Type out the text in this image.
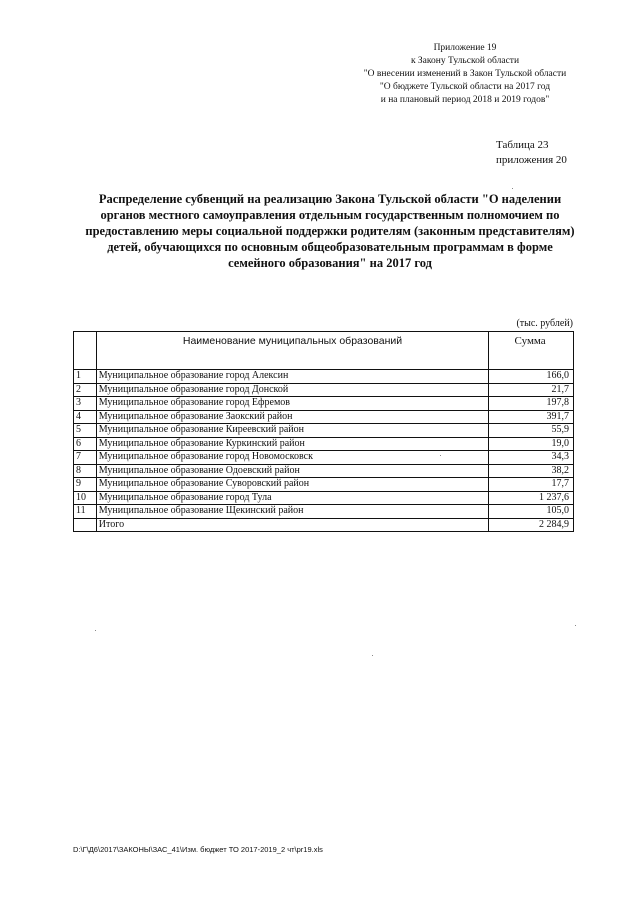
Приложение 19
к Закону Тульской области
"О внесении изменений в Закон Тульской области
"О бюджете Тульской области на 2017 год
и на плановый период 2018 и 2019 годов"
Таблица 23
приложения 20
Распределение субвенций на реализацию Закона Тульской области "О наделении
органов местного самоуправления отдельным государственным полномочием по
предоставлению меры социальной поддержки родителям (законным представителям)
детей, обучающихся по основным общеобразовательным программам в форме
семейного образования" на 2017 год
(тыс. рублей)
	Наименование муниципальных образований	Сумма
1	Муниципальное образование город Алексин	166,0
2	Муниципальное образование город Донской	21,7
3	Муниципальное образование город Ефремов	197,8
4	Муниципальное образование Заокский район	391,7
5	Муниципальное образование Киреевский район	55,9
6	Муниципальное образование Куркинский район	19,0
7	Муниципальное образование город Новомосковск	34,3
8	Муниципальное образование Одоевский район	38,2
9	Муниципальное образование Суворовский район	17,7
10	Муниципальное образование город Тула	1 237,6
11	Муниципальное образование Щекинский район	105,0
	Итого	2 284,9
D:\Г\Д6\2017\ЗАКОНЫ\ЗАС_41\Изм. бюджет ТО 2017-2019_2 чт\pr19.xls
